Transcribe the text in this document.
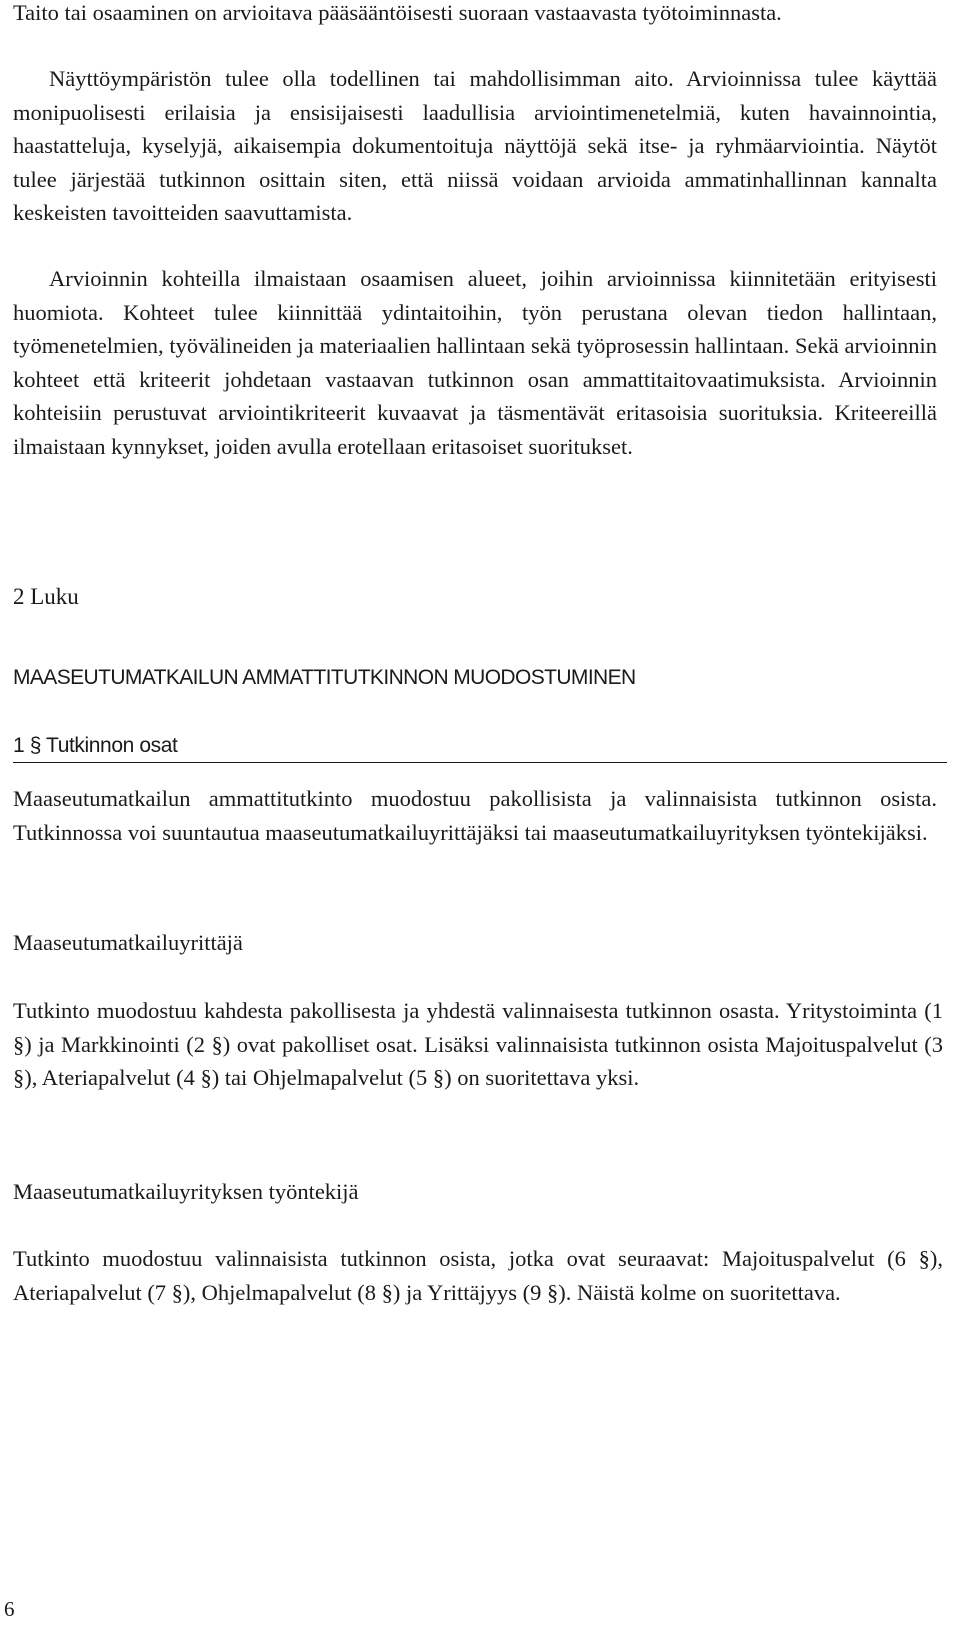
Taito tai osaaminen on arvioitava pääsääntöisesti suoraan vastaavasta työtoiminnasta.

Näyttöympäristön tulee olla todellinen tai mahdollisimman aito. Arvioinnissa tulee käyttää monipuolisesti erilaisia ja ensisijaisesti laadullisia arviointimenetelmiä, kuten havainnointia, haastatteluja, kyselyjä, aikaisempia dokumentoituja näyttöjä sekä itse- ja ryhmäarviointia. Näytöt tulee järjestää tutkinnon osittain siten, että niissä voidaan arvioida ammatinhallinnan kannalta keskeisten tavoitteiden saavuttamista.

Arvioinnin kohteilla ilmaistaan osaamisen alueet, joihin arvioinnissa kiinnitetään erityisesti huomiota. Kohteet tulee kiinnittää ydintaitoihin, työn perustana olevan tiedon hallintaan, työmenetelmien, työvälineiden ja materiaalien hallintaan sekä työprosessin hallintaan. Sekä arvioinnin kohteet että kriteerit johdetaan vastaavan tutkinnon osan ammattitaitovaatimuksista. Arvioinnin kohteisiin perustuvat arviointikriteerit kuvaavat ja täsmentävät eritasoisia suorituksia. Kriteereillä ilmaistaan kynnykset, joiden avulla erotellaan eritasoiset suoritukset.

2 Luku
MAASEUTUMATKAILUN AMMATTITUTKINNON MUODOSTUMINEN
1 § Tutkinnon osat

Maaseutumatkailun ammattitutkinto muodostuu pakollisista ja valinnaisista tutkinnon osista. Tutkinnossa voi suuntautua maaseutumatkailuyrittäjäksi tai maaseutumatkailuyrityksen työntekijäksi.

Maaseutumatkailuyrittäjä

Tutkinto muodostuu kahdesta pakollisesta ja yhdestä valinnaisesta tutkinnon osasta. Yritystoiminta (1 §) ja Markkinointi (2 §) ovat pakolliset osat. Lisäksi valinnaisista tutkinnon osista Majoituspalvelut (3 §), Ateriapalvelut (4 §) tai Ohjelmapalvelut (5 §) on suoritettava yksi.

Maaseutumatkailuyrityksen työntekijä

Tutkinto muodostuu valinnaisista tutkinnon osista, jotka ovat seuraavat: Majoituspalvelut (6 §), Ateriapalvelut (7 §), Ohjelmapalvelut (8 §) ja Yrittäjyys (9 §). Näistä kolme on suoritettava.

6
